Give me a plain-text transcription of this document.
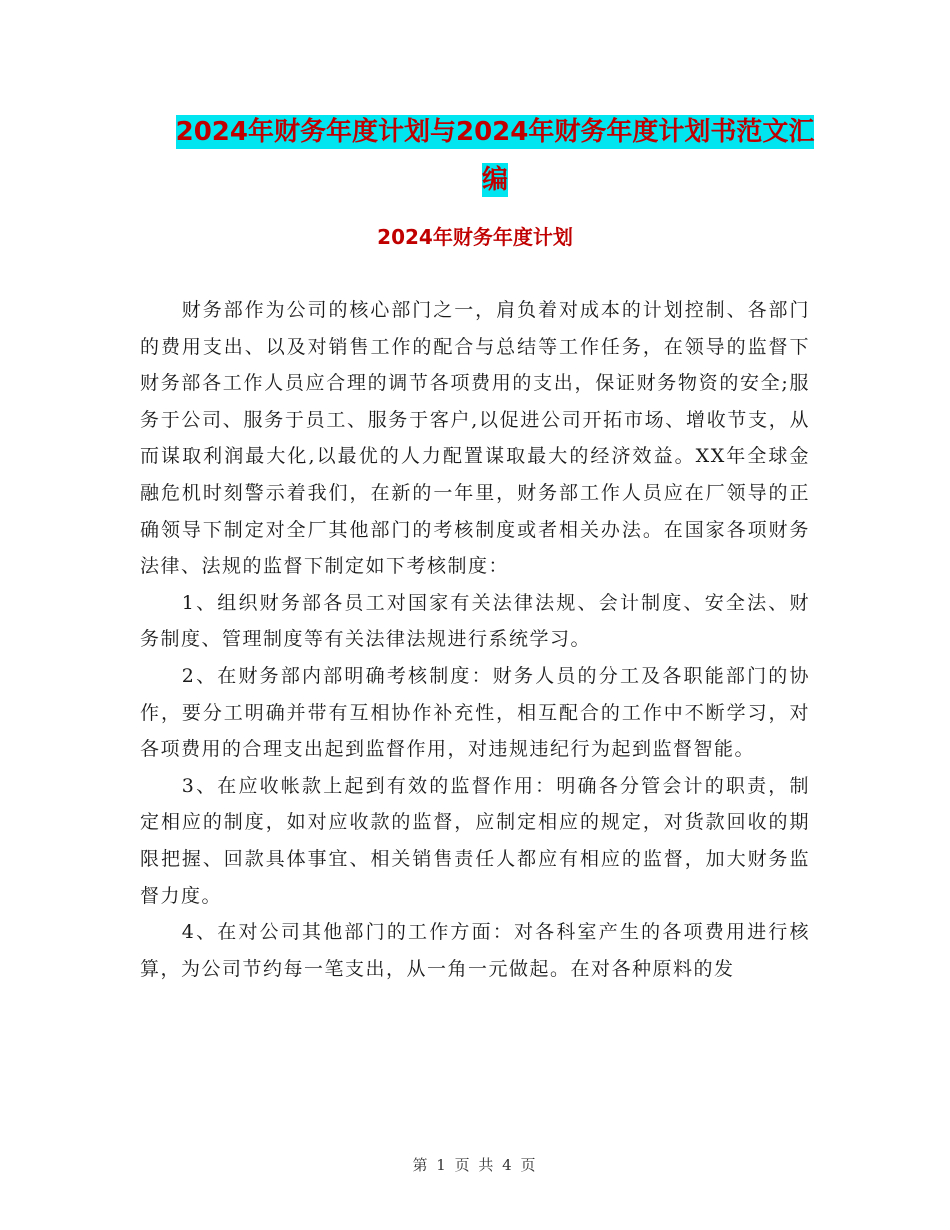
2024年财务年度计划与2024年财务年度计划书范文汇
编
2024年财务年度计划

财务部作为公司的核心部门之一，肩负着对成本的计划控制、各部门的费用支出、以及对销售工作的配合与总结等工作任务，在领导的监督下财务部各工作人员应合理的调节各项费用的支出，保证财务物资的安全;服务于公司、服务于员工、服务于客户,以促进公司开拓市场、增收节支，从而谋取利润最大化,以最优的人力配置谋取最大的经济效益。XX年全球金融危机时刻警示着我们，在新的一年里，财务部工作人员应在厂领导的正确领导下制定对全厂其他部门的考核制度或者相关办法。在国家各项财务法律、法规的监督下制定如下考核制度：

1、组织财务部各员工对国家有关法律法规、会计制度、安全法、财务制度、管理制度等有关法律法规进行系统学习。

2、在财务部内部明确考核制度：财务人员的分工及各职能部门的协作，要分工明确并带有互相协作补充性，相互配合的工作中不断学习，对各项费用的合理支出起到监督作用，对违规违纪行为起到监督智能。

3、在应收帐款上起到有效的监督作用：明确各分管会计的职责，制定相应的制度，如对应收款的监督，应制定相应的规定，对货款回收的期限把握、回款具体事宜、相关销售责任人都应有相应的监督，加大财务监督力度。

4、在对公司其他部门的工作方面：对各科室产生的各项费用进行核算，为公司节约每一笔支出，从一角一元做起。在对各种原料的发

第 1 页 共 4 页
